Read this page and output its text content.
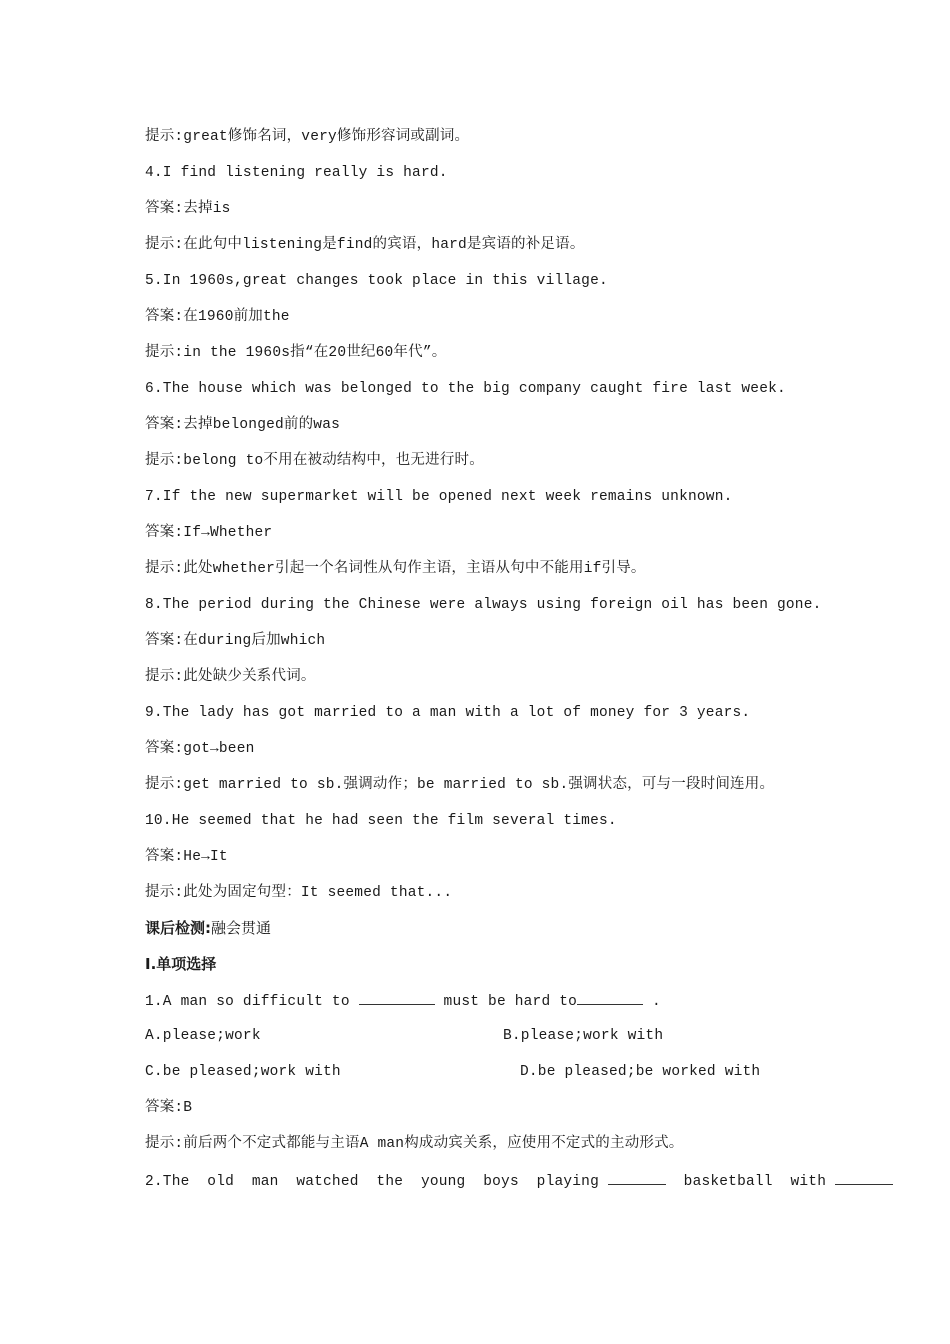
提示:great修饰名词，very修饰形容词或副词。
4.I find listening really is hard.
答案:去掉is
提示:在此句中listening是find的宾语，hard是宾语的补足语。
5.In 1960s,great changes took place in this village.
答案:在1960前加the
提示:in the 1960s指“在20世纪60年代”。
6.The house which was belonged to the big company caught fire last week.
答案:去掉belonged前的was
提示:belong to不用在被动结构中，也无进行时。
7.If the new supermarket will be opened next week remains unknown.
答案:If→Whether
提示:此处whether引起一个名词性从句作主语，主语从句中不能用if引导。
8.The period during the Chinese were always using foreign oil has been gone.
答案:在during后加which
提示:此处缺少关系代词。
9.The lady has got married to a man with a lot of money for 3 years.
答案:got→been
提示:get married to sb.强调动作；be married to sb.强调状态，可与一段时间连用。
10.He seemed that he had seen the film several times.
答案:He→It
提示:此处为固定句型：It seemed that...
课后检测:融会贯通
Ⅰ.单项选择
1.A man so difficult to	must be hard to	.
A.please;work	B.please;work with
C.be pleased;work with	D.be pleased;be worked with
答案:B
提示:前后两个不定式都能与主语A man构成动宾关系，应使用不定式的主动形式。
2.The  old  man  watched  the  young  boys  playing	basketball  with
